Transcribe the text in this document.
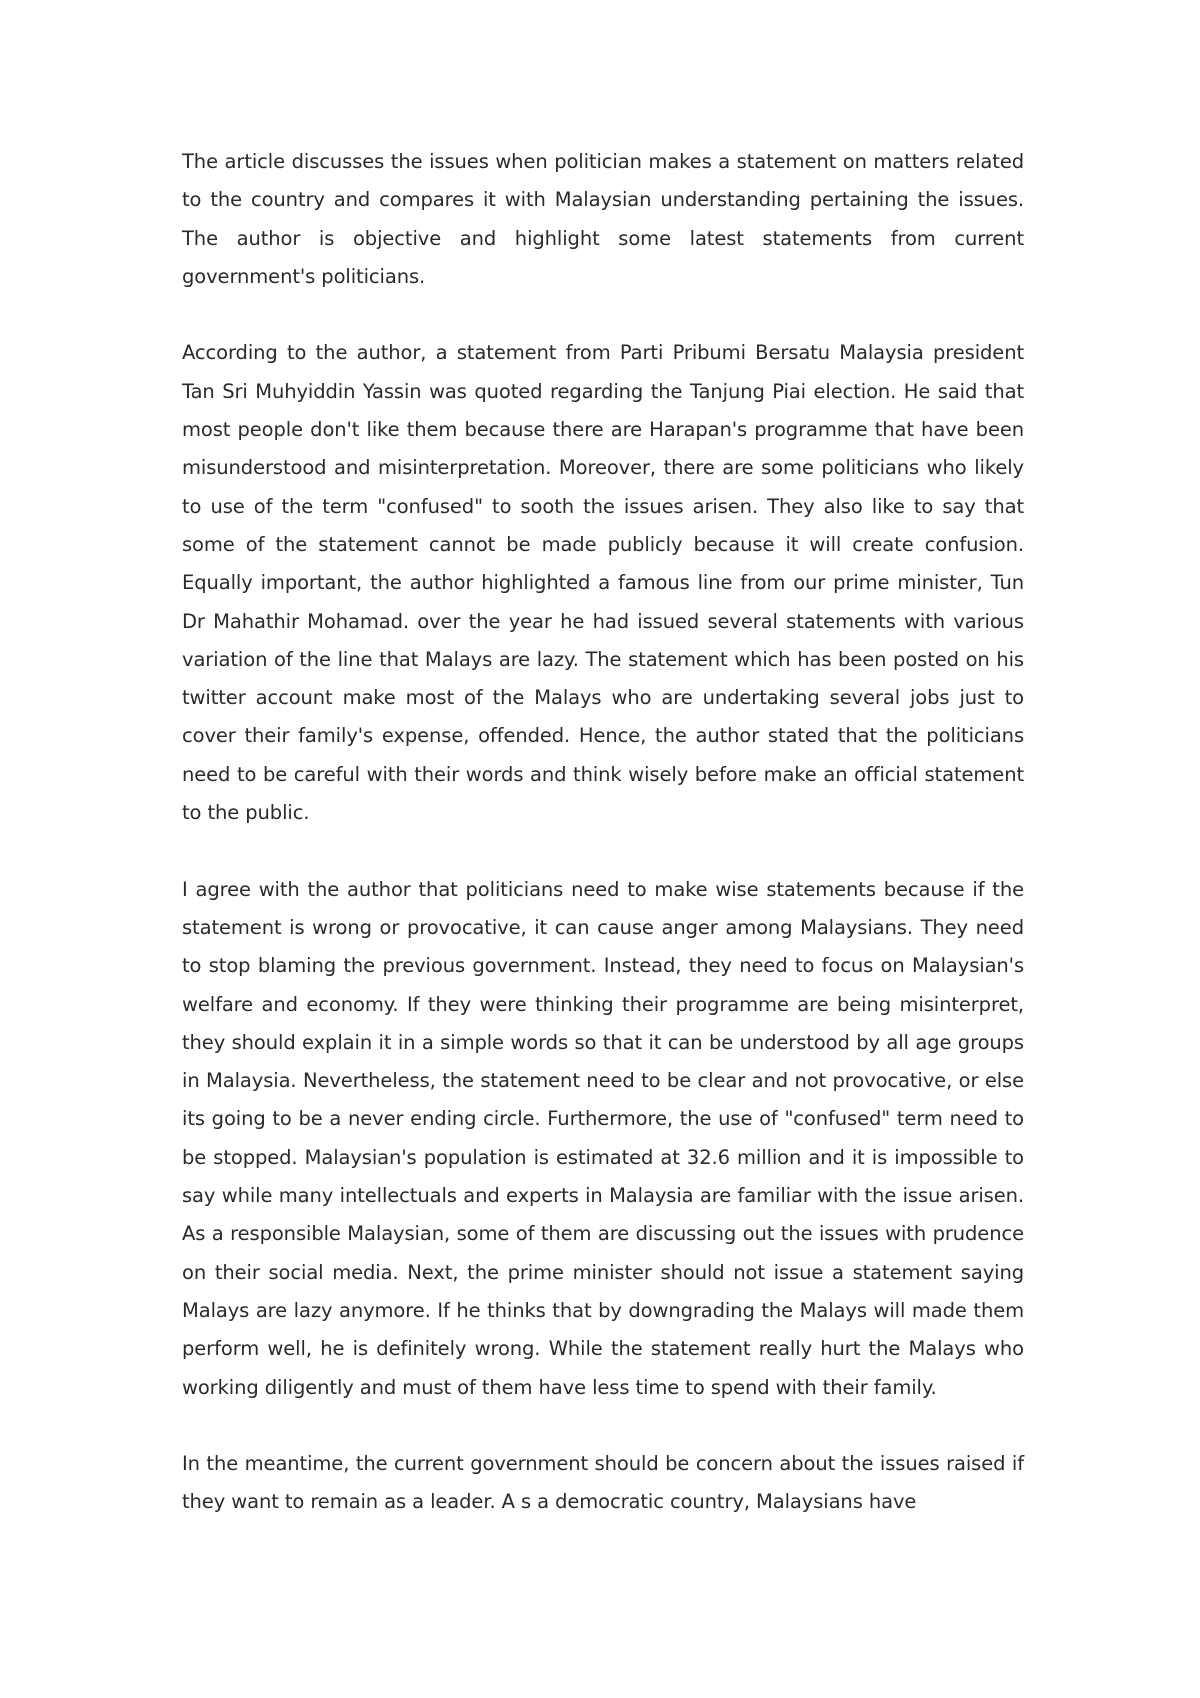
The article discusses the issues when politician makes a statement on matters related to the country and compares it with Malaysian understanding pertaining the issues. The author is objective and highlight some latest statements from current government's politicians.

According to the author, a statement from Parti Pribumi Bersatu Malaysia president Tan Sri Muhyiddin Yassin was quoted regarding the Tanjung Piai election. He said that most people don't like them because there are Harapan's programme that have been misunderstood and misinterpretation. Moreover, there are some politicians who likely to use of the term "confused" to sooth the issues arisen. They also like to say that some of the statement cannot be made publicly because it will create confusion. Equally important, the author highlighted a famous line from our prime minister, Tun Dr Mahathir Mohamad. over the year he had issued several statements with various variation of the line that Malays are lazy. The statement which has been posted on his twitter account make most of the Malays who are undertaking several jobs just to cover their family's expense, offended. Hence, the author stated that the politicians need to be careful with their words and think wisely before make an official statement to the public.

I agree with the author that politicians need to make wise statements because if the statement is wrong or provocative, it can cause anger among Malaysians. They need to stop blaming the previous government. Instead, they need to focus on Malaysian's welfare and economy. If they were thinking their programme are being misinterpret, they should explain it in a simple words so that it can be understood by all age groups in Malaysia. Nevertheless, the statement need to be clear and not provocative, or else its going to be a never ending circle. Furthermore, the use of "confused" term need to be stopped. Malaysian's population is estimated at 32.6 million and it is impossible to say while many intellectuals and experts in Malaysia are familiar with the issue arisen. As a responsible Malaysian, some of them are discussing out the issues with prudence on their social media. Next, the prime minister should not issue a statement saying Malays are lazy anymore. If he thinks that by downgrading the Malays will made them perform well, he is definitely wrong. While the statement really hurt the Malays who working diligently and must of them have less time to spend with their family.

In the meantime, the current government should be concern about the issues raised if they want to remain as a leader. A s a democratic country, Malaysians have
